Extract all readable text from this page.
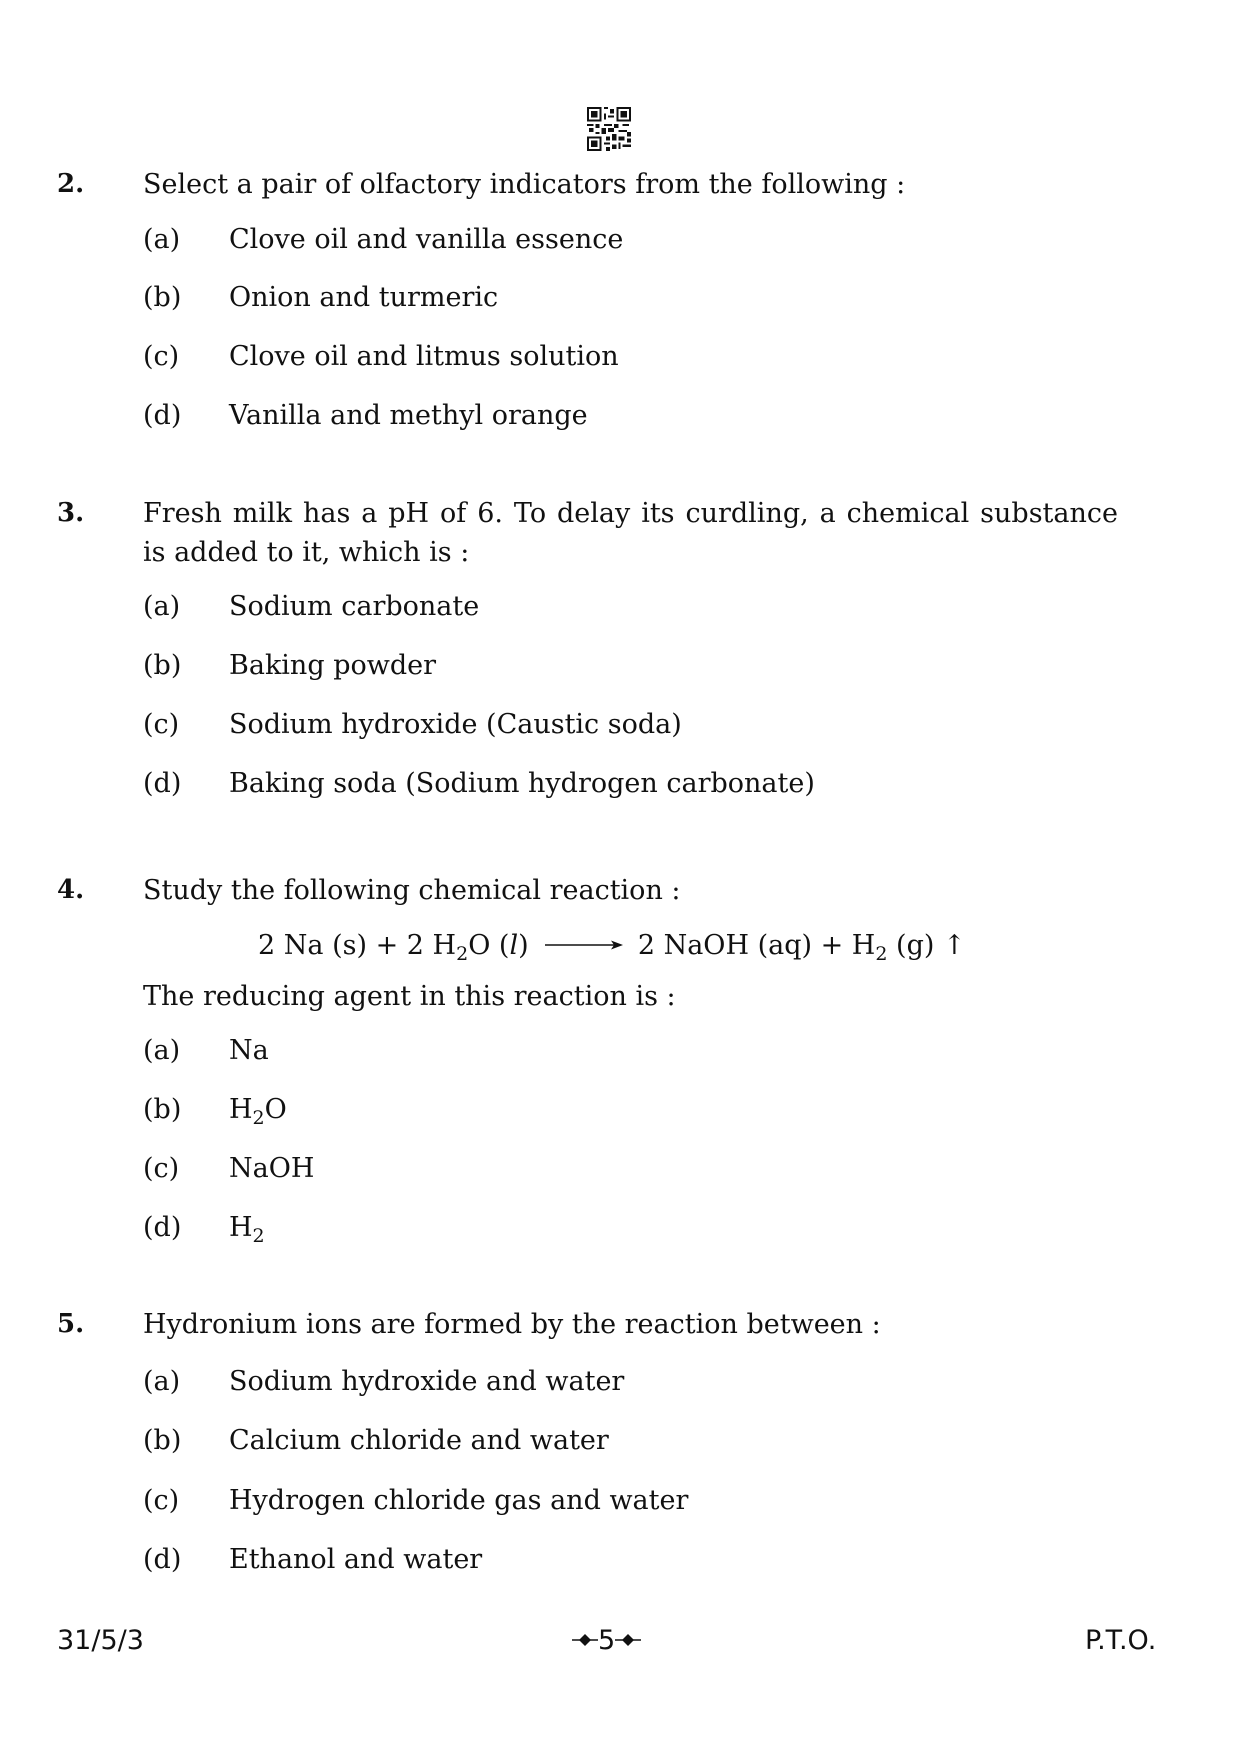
2. Select a pair of olfactory indicators from the following :
(a) Clove oil and vanilla essence
(b) Onion and turmeric
(c) Clove oil and litmus solution
(d) Vanilla and methyl orange
3. Fresh milk has a pH of 6. To delay its curdling, a chemical substance is added to it, which is :
(a) Sodium carbonate
(b) Baking powder
(c) Sodium hydroxide (Caustic soda)
(d) Baking soda (Sodium hydrogen carbonate)
4. Study the following chemical reaction :
2 Na (s) + 2 $H_2O$ (l) → 2 NaOH $(aq) + H_2$ (g) ↑
The reducing agent in this reaction is :
(a) Na
(b) $H_2O$
(c) NaOH
(d) $H_2$
5. Hydronium ions are formed by the reaction between :
(a) Sodium hydroxide and water
(b) Calcium chloride and water
(c) Hydrogen chloride gas and water
(d) Ethanol and water
31/5/3	5	P.T.O.
